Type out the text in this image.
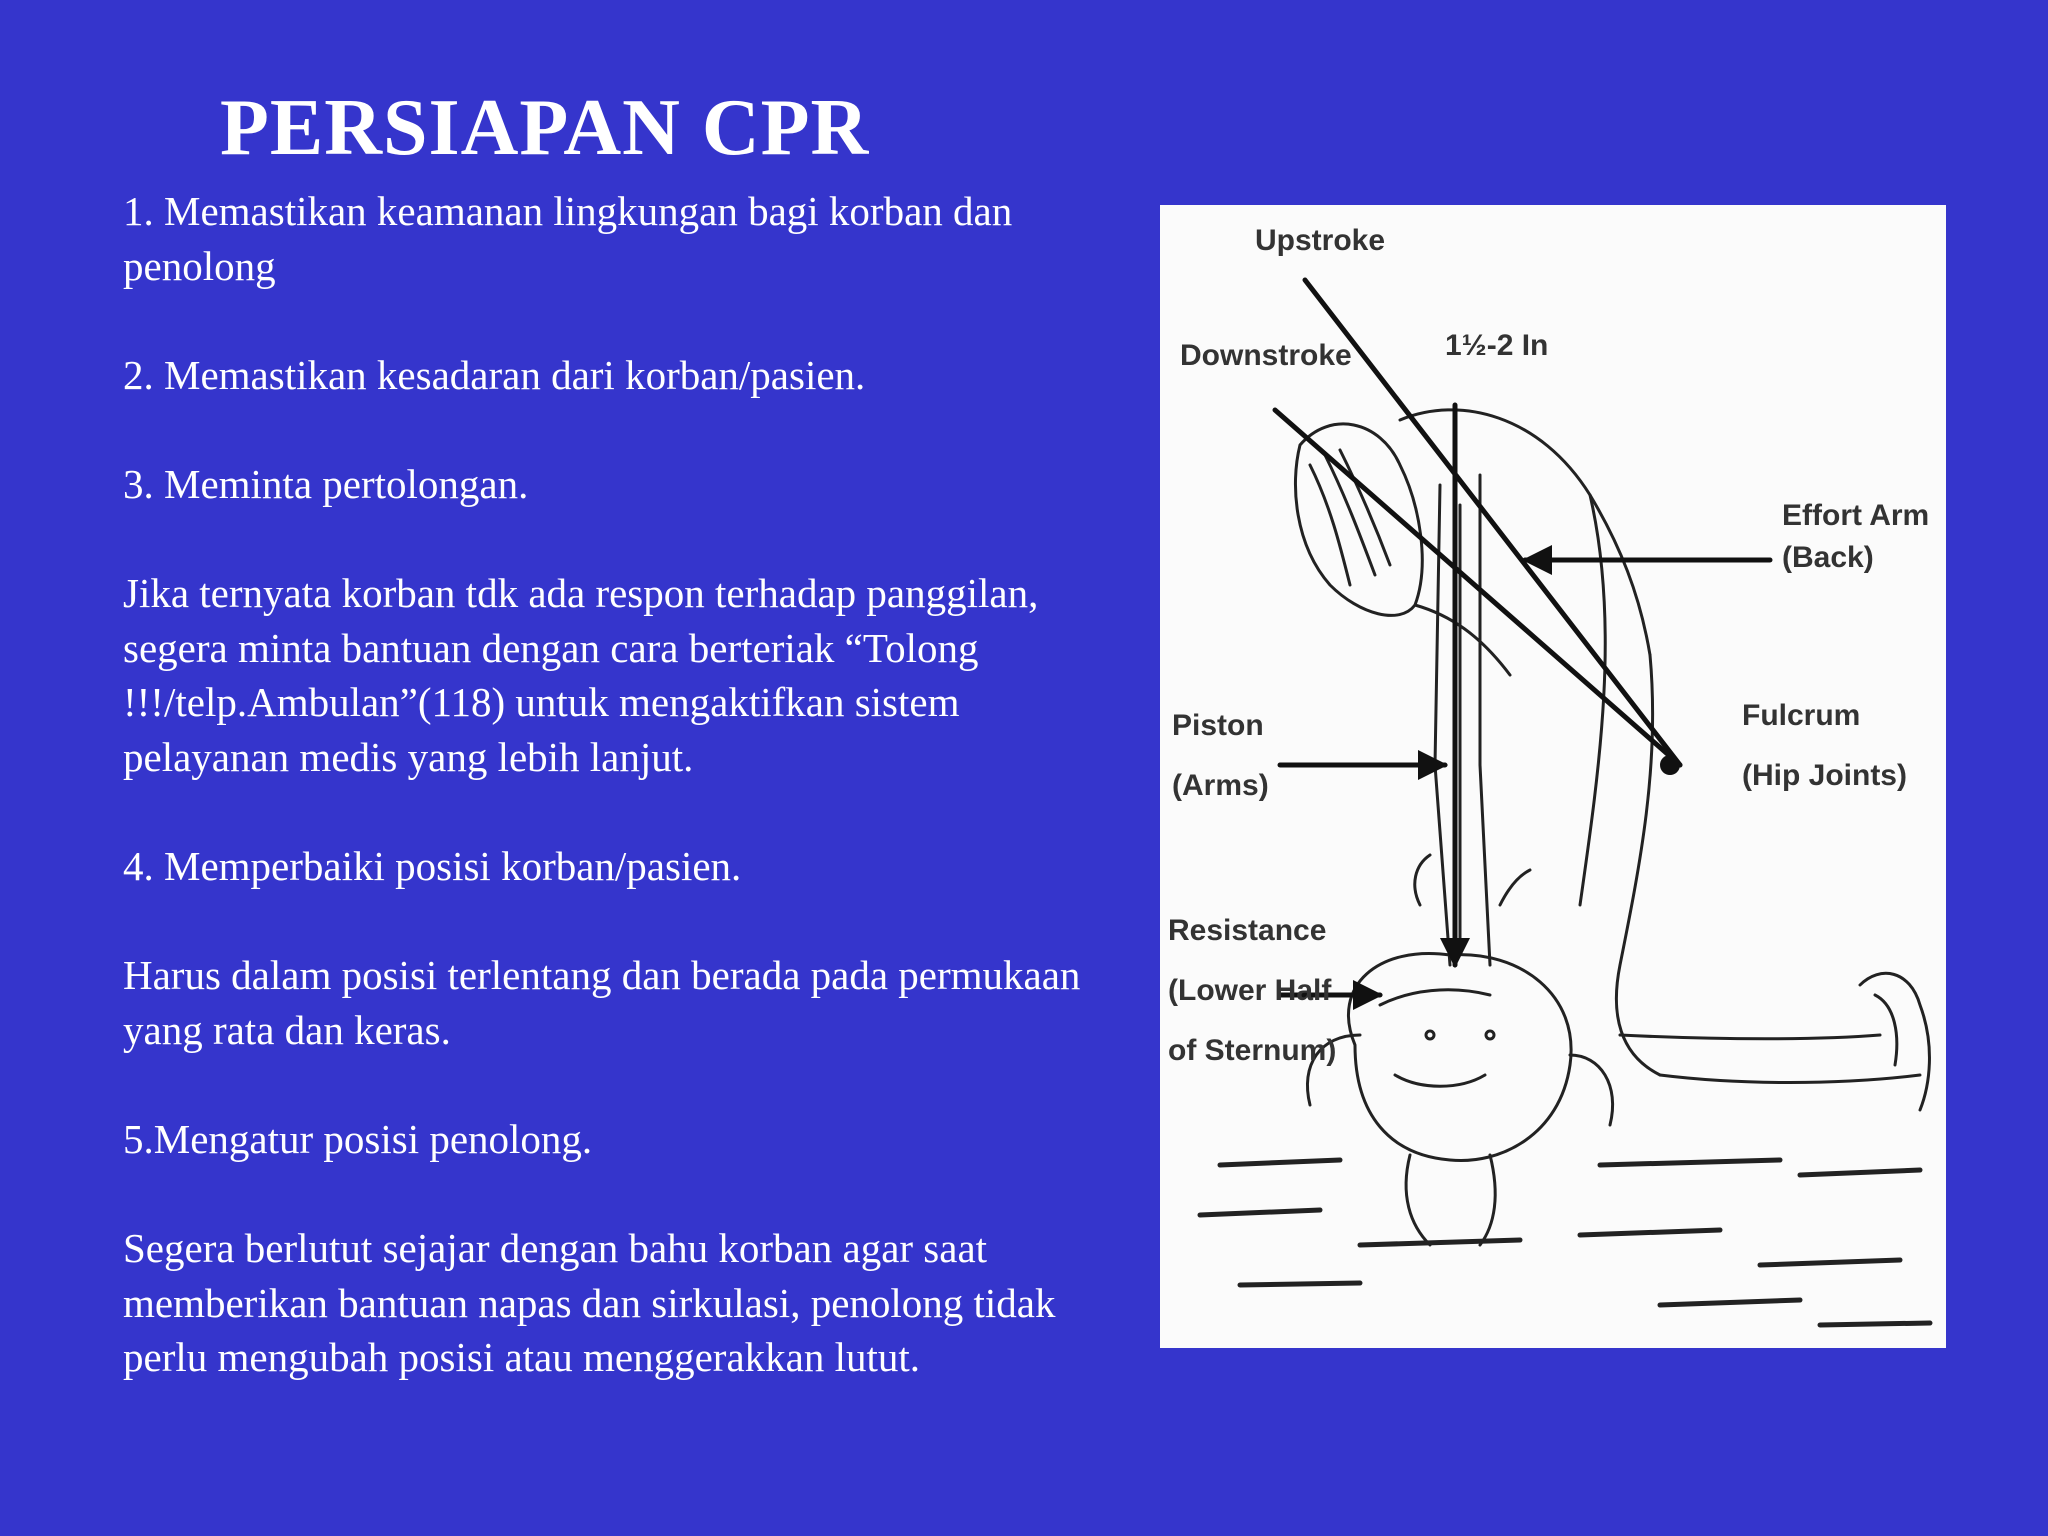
PERSIAPAN CPR

1. Memastikan keamanan lingkungan bagi korban dan penolong

2. Memastikan kesadaran dari korban/pasien.

3. Meminta pertolongan.

Jika ternyata korban tdk ada respon terhadap panggilan, segera minta bantuan dengan cara berteriak “Tolong !!!/telp.Ambulan”(118) untuk mengaktifkan sistem pelayanan medis yang lebih lanjut.

4. Memperbaiki posisi korban/pasien.

Harus dalam posisi terlentang dan berada pada permukaan yang rata dan keras.

5.Mengatur posisi penolong.

Segera berlutut sejajar dengan bahu korban agar saat memberikan bantuan napas dan sirkulasi, penolong tidak perlu mengubah posisi atau menggerakkan lutut.

Upstroke
Downstroke	1½-2 In
Effort Arm
(Back)
Piston
(Arms)
Fulcrum
(Hip Joints)
Resistance
(Lower Half
of Sternum)
